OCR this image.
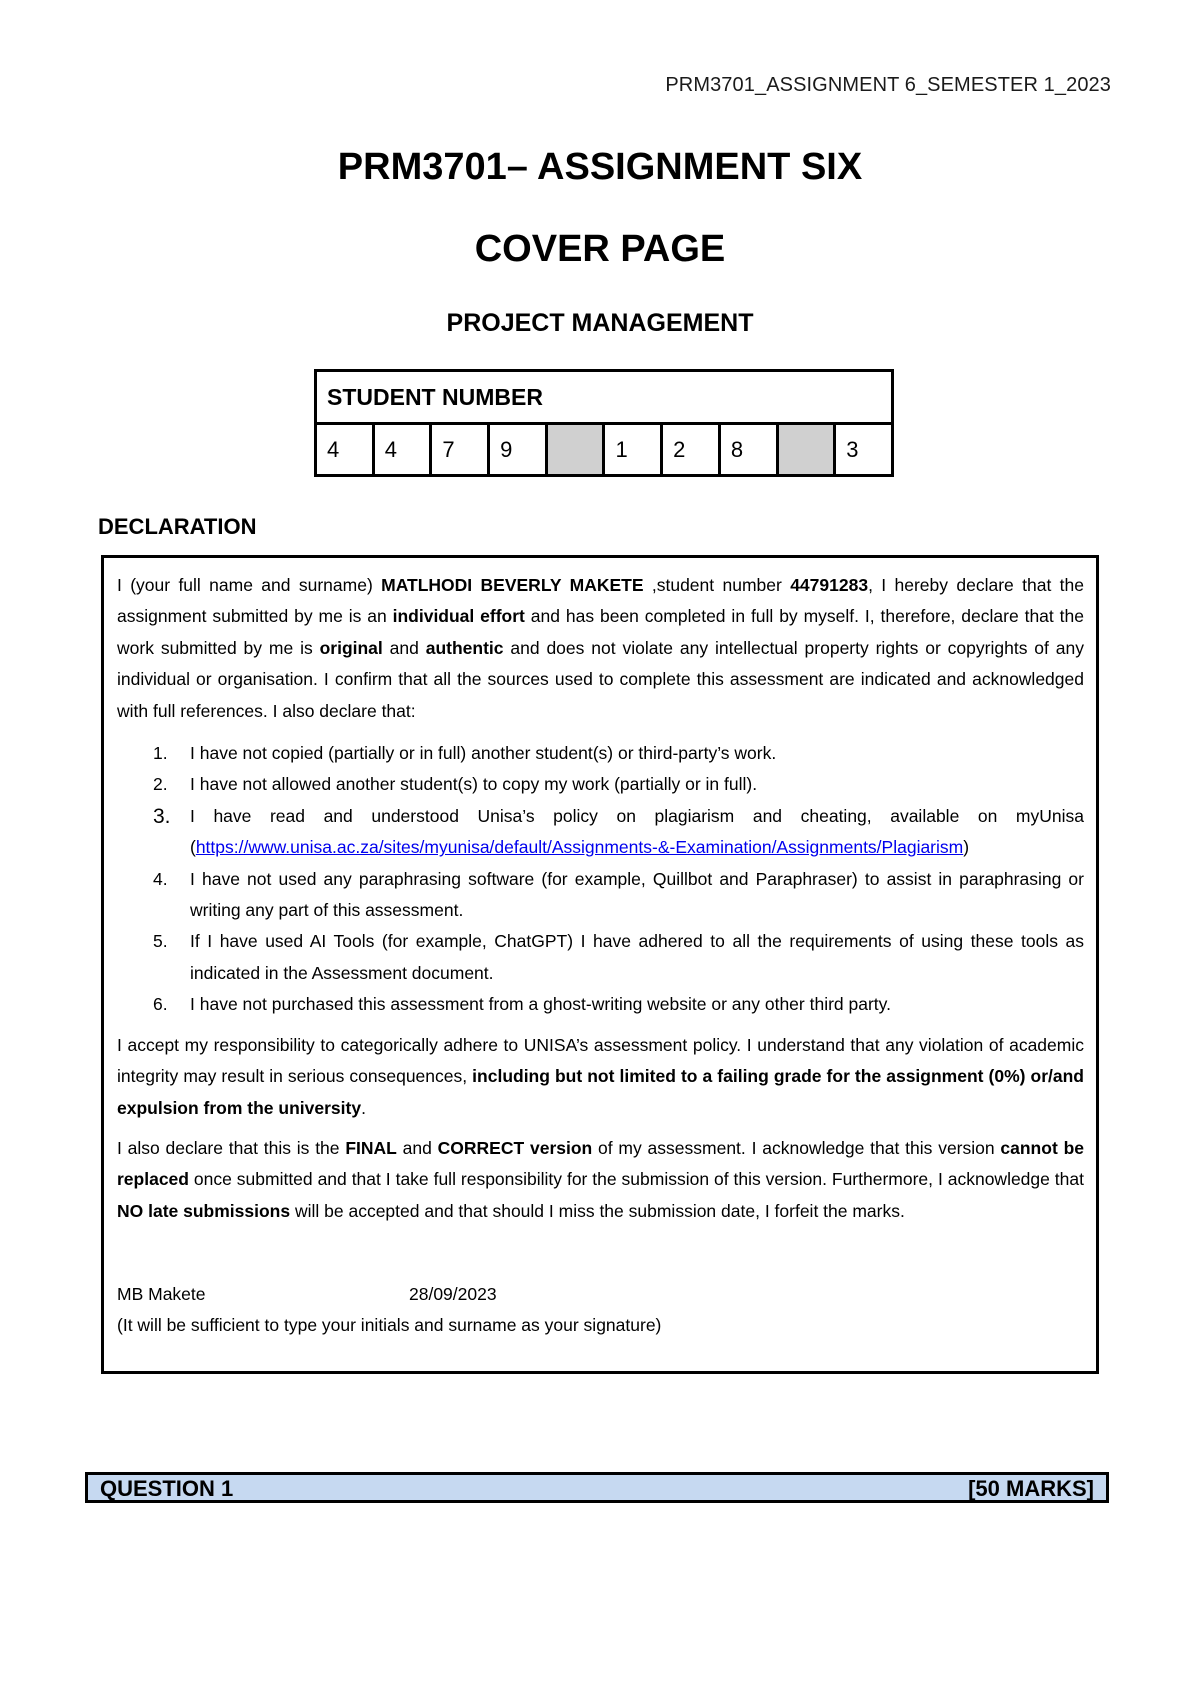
PRM3701_ASSIGNMENT 6_SEMESTER 1_2023
PRM3701– ASSIGNMENT SIX
COVER PAGE
PROJECT MANAGEMENT
STUDENT NUMBER
4	4	7	9		1	2	8		3
DECLARATION

I (your full name and surname) MATLHODI BEVERLY MAKETE ,student number 44791283, I hereby declare that the assignment submitted by me is an individual effort and has been completed in full by myself. I, therefore, declare that the work submitted by me is original and authentic and does not violate any intellectual property rights or copyrights of any individual or organisation. I confirm that all the sources used to complete this assessment are indicated and acknowledged with full references. I also declare that:

1.	I have not copied (partially or in full) another student(s) or third-party’s work.
2.	I have not allowed another student(s) to copy my work (partially or in full).
3.	I have read and understood Unisa’s policy on plagiarism and cheating, available on myUnisa (https://www.unisa.ac.za/sites/myunisa/default/Assignments-&-Examination/Assignments/Plagiarism)
4.	I have not used any paraphrasing software (for example, Quillbot and Paraphraser) to assist in paraphrasing or writing any part of this assessment.
5.	If I have used AI Tools (for example, ChatGPT) I have adhered to all the requirements of using these tools as indicated in the Assessment document.
6.	I have not purchased this assessment from a ghost-writing website or any other third party.

I accept my responsibility to categorically adhere to UNISA’s assessment policy. I understand that any violation of academic integrity may result in serious consequences, including but not limited to a failing grade for the assignment (0%) or/and expulsion from the university.

I also declare that this is the FINAL and CORRECT version of my assessment. I acknowledge that this version cannot be replaced once submitted and that I take full responsibility for the submission of this version. Furthermore, I acknowledge that NO late submissions will be accepted and that should I miss the submission date, I forfeit the marks.

MB Makete	28/09/2023

(It will be sufficient to type your initials and surname as your signature)

QUESTION 1	[50 MARKS]
